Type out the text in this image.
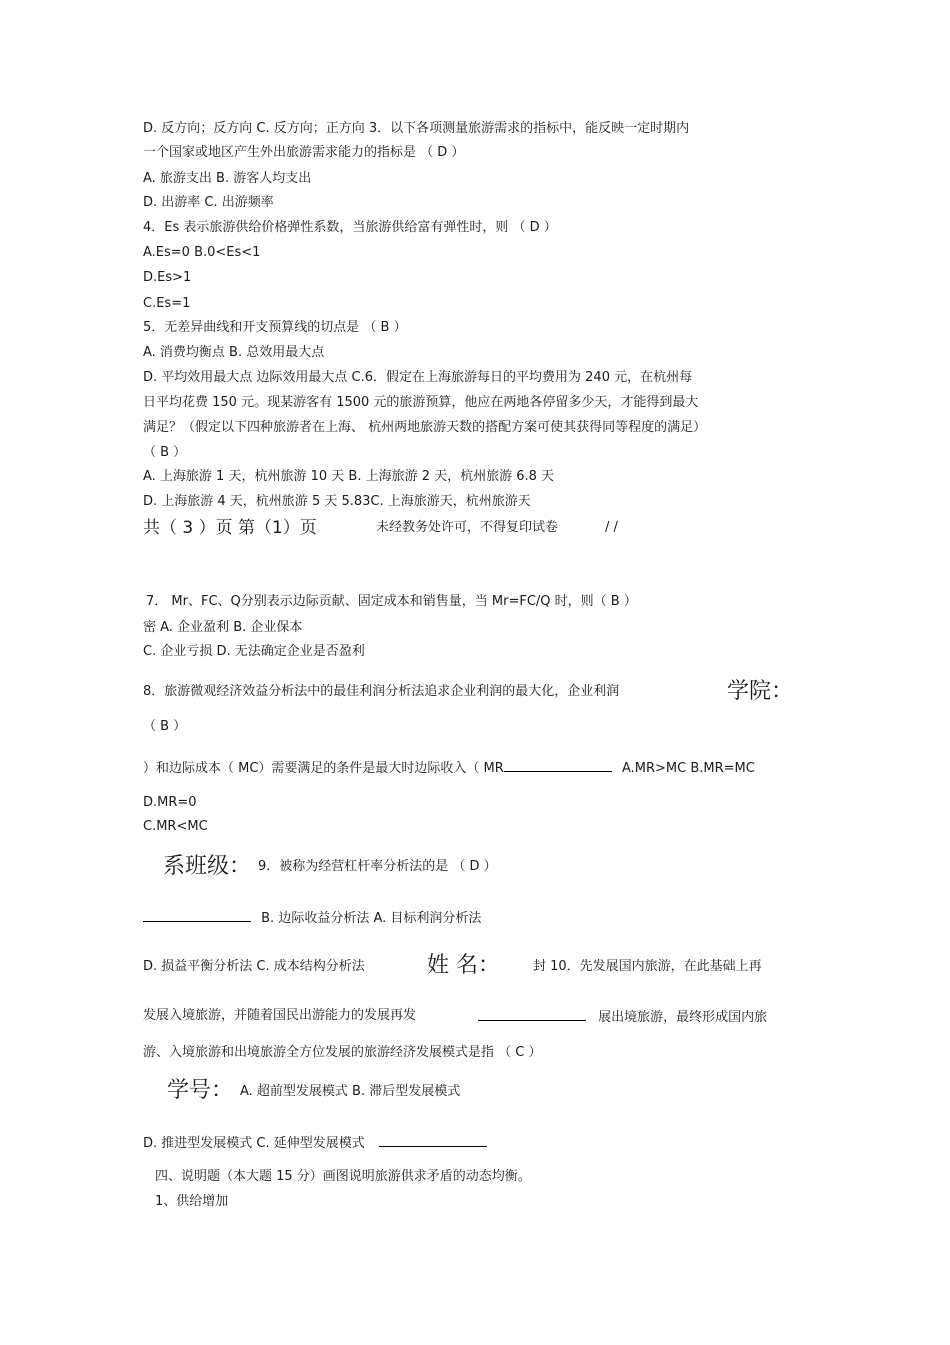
D. 反方向；反方向 C. 反方向；正方向 3．以下各项测量旅游需求的指标中，能反映一定时期内
一个国家或地区产生外出旅游需求能力的指标是 （ D ）
A. 旅游支出 B. 游客人均支出
D. 出游率 C. 出游频率
4．Es 表示旅游供给价格弹性系数，当旅游供给富有弹性时，则 （ D ）
A.Es=0 B.0<Es<1
D.Es>1
C.Es=1
5．无差异曲线和开支预算线的切点是 （ B ）
A. 消费均衡点 B. 总效用最大点
D. 平均效用最大点 边际效用最大点 C.6．假定在上海旅游每日的平均费用为 240 元，在杭州每
日平均花费 150 元。现某游客有 1500 元的旅游预算，他应在两地各停留多少天，才能得到最大
满足？（假定以下四种旅游者在上海、 杭州两地旅游天数的搭配方案可使其获得同等程度的满足）
（ B ）
A. 上海旅游 1 天，杭州旅游 10 天 B. 上海旅游 2 天，杭州旅游 6.8 天
D. 上海旅游 4 天，杭州旅游 5 天 5.83C. 上海旅游天，杭州旅游天
共（ 3 ）页 第（1）页	未经教务处许可，不得复印试卷	/ /
7． Mr、FC、Q分别表示边际贡献、固定成本和销售量，当 Mr=FC/Q 时，则（ B ）
密 A. 企业盈利 B. 企业保本
C. 企业亏损 D. 无法确定企业是否盈利
8．旅游微观经济效益分析法中的最佳利润分析法追求企业利润的最大化，企业利润	学院：
（ B ）
）和边际成本（ MC）需要满足的条件是最大时边际收入（ MR	A.MR>MC B.MR=MC
D.MR=0
C.MR<MC
系班级： 9．被称为经营杠杆率分析法的是 （ D ）
B. 边际收益分析法 A. 目标利润分析法
D. 损益平衡分析法 C. 成本结构分析法	姓 名：	封 10．先发展国内旅游，在此基础上再
发展入境旅游，并随着国民出游能力的发展再发	展出境旅游，最终形成国内旅
游、入境旅游和出境旅游全方位发展的旅游经济发展模式是指 （ C ）
学号： A. 超前型发展模式 B. 滞后型发展模式
D. 推进型发展模式 C. 延伸型发展模式
四、说明题（本大题 15 分）画图说明旅游供求矛盾的动态均衡。
1、供给增加
